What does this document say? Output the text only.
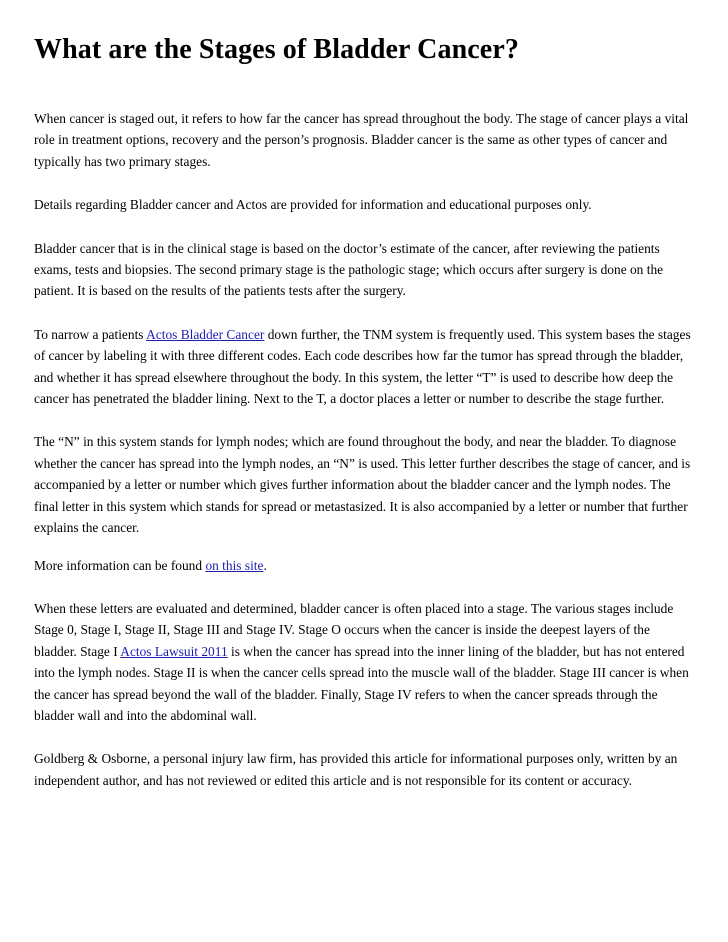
What are the Stages of Bladder Cancer?

When cancer is staged out, it refers to how far the cancer has spread throughout the body. The stage of cancer plays a vital role in treatment options, recovery and the person’s prognosis. Bladder cancer is the same as other types of cancer and typically has two primary stages.

Details regarding Bladder cancer and Actos are provided for information and educational purposes only.

Bladder cancer that is in the clinical stage is based on the doctor’s estimate of the cancer, after reviewing the patients exams, tests and biopsies. The second primary stage is the pathologic stage; which occurs after surgery is done on the patient. It is based on the results of the patients tests after the surgery.

To narrow a patients Actos Bladder Cancer down further, the TNM system is frequently used. This system bases the stages of cancer by labeling it with three different codes. Each code describes how far the tumor has spread through the bladder, and whether it has spread elsewhere throughout the body. In this system, the letter “T” is used to describe how deep the cancer has penetrated the bladder lining. Next to the T, a doctor places a letter or number to describe the stage further.

The “N” in this system stands for lymph nodes; which are found throughout the body, and near the bladder. To diagnose whether the cancer has spread into the lymph nodes, an “N” is used. This letter further describes the stage of cancer, and is accompanied by a letter or number which gives further information about the bladder cancer and the lymph nodes. The final letter in this system which stands for spread or metastasized. It is also accompanied by a letter or number that further explains the cancer.

More information can be found on this site.

When these letters are evaluated and determined, bladder cancer is often placed into a stage. The various stages include Stage 0, Stage I, Stage II, Stage III and Stage IV. Stage O occurs when the cancer is inside the deepest layers of the bladder. Stage I Actos Lawsuit 2011 is when the cancer has spread into the inner lining of the bladder, but has not entered into the lymph nodes. Stage II is when the cancer cells spread into the muscle wall of the bladder. Stage III cancer is when the cancer has spread beyond the wall of the bladder. Finally, Stage IV refers to when the cancer spreads through the bladder wall and into the abdominal wall.

Goldberg & Osborne, a personal injury law firm, has provided this article for informational purposes only, written by an independent author, and has not reviewed or edited this article and is not responsible for its content or accuracy.
